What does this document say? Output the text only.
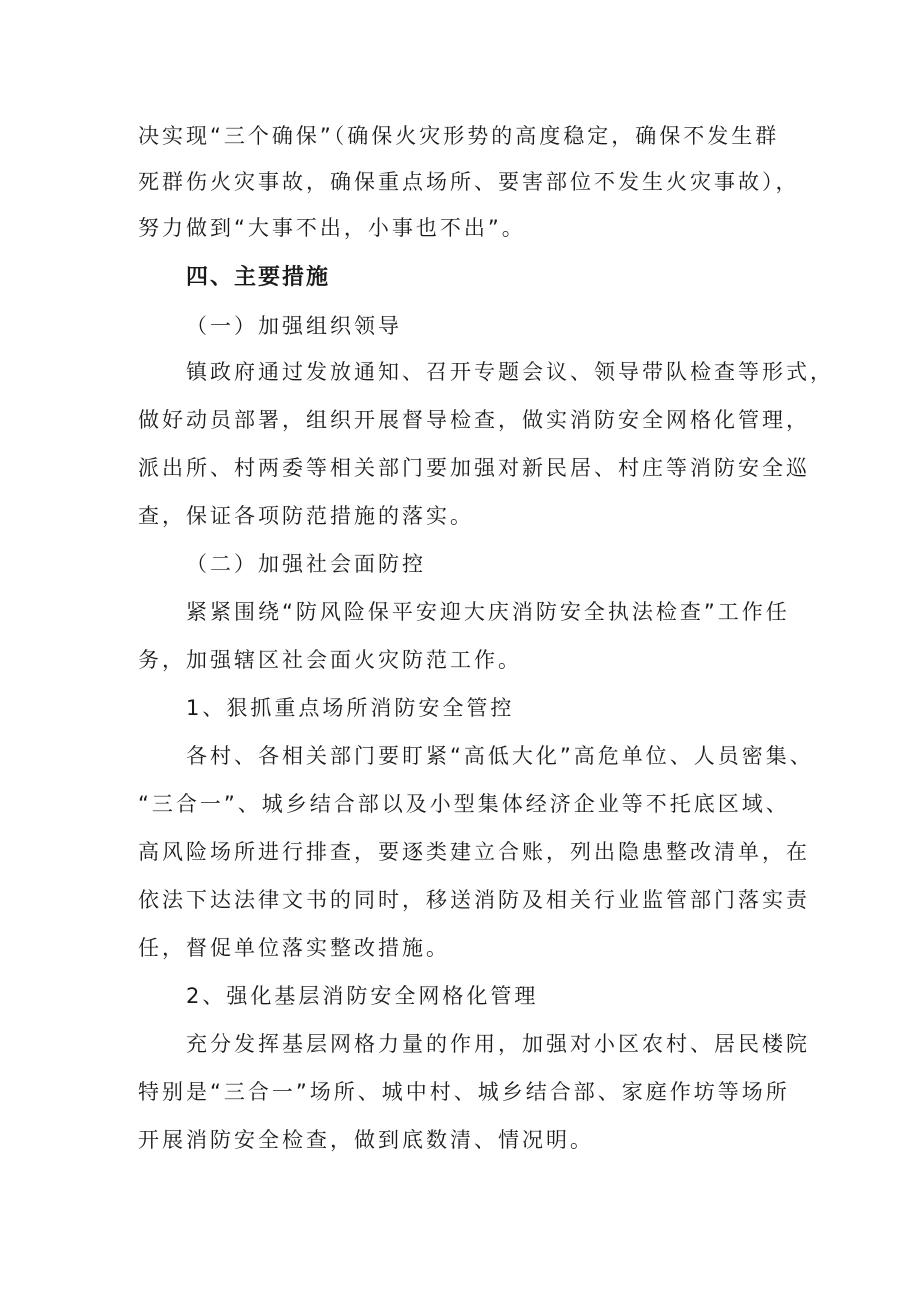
决实现“三个确保”（确保火灾形势的高度稳定，确保不发生群
死群伤火灾事故，确保重点场所、要害部位不发生火灾事故），
努力做到“大事不出，小事也不出”。
四、主要措施
（一）加强组织领导
镇政府通过发放通知、召开专题会议、领导带队检查等形式，
做好动员部署，组织开展督导检查，做实消防安全网格化管理，
派出所、村两委等相关部门要加强对新民居、村庄等消防安全巡
查，保证各项防范措施的落实。
（二）加强社会面防控
紧紧围绕“防风险保平安迎大庆消防安全执法检查”工作任
务，加强辖区社会面火灾防范工作。
1、狠抓重点场所消防安全管控
各村、各相关部门要盯紧“高低大化”高危单位、人员密集、
“三合一”、城乡结合部以及小型集体经济企业等不托底区域、
高风险场所进行排查，要逐类建立合账，列出隐患整改清单，在
依法下达法律文书的同时，移送消防及相关行业监管部门落实责
任，督促单位落实整改措施。
2、强化基层消防安全网格化管理
充分发挥基层网格力量的作用，加强对小区农村、居民楼院
特别是“三合一”场所、城中村、城乡结合部、家庭作坊等场所
开展消防安全检查，做到底数清、情况明。
